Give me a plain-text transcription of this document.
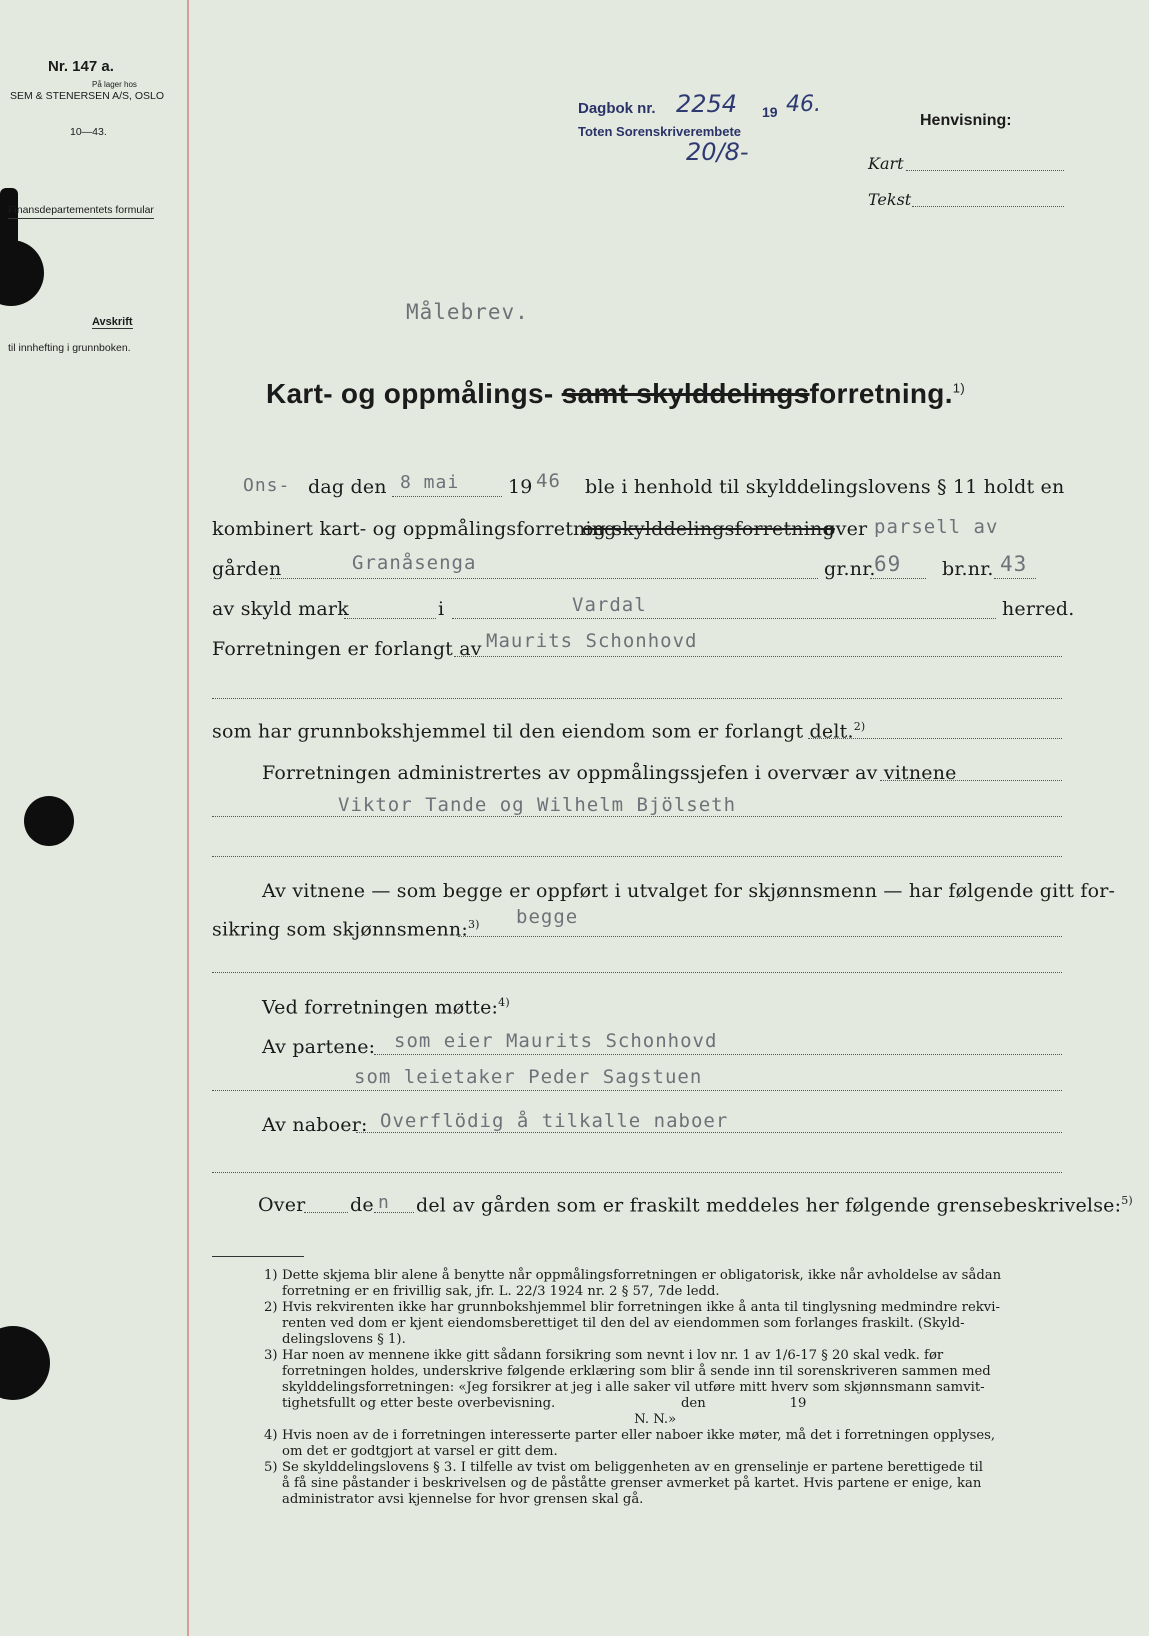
Nr. 147 a.
På lager hos
SEM & STENERSEN A/S, OSLO
10—43.
Finansdepartementets formular
Avskrift
til innhefting i grunnboken.
Dagbok nr. 2254 19 46.
Toten Sorenskriverembete
20/8-
Henvisning:
Kart
Tekst
Målebrev.
Kart- og oppmålings- samt skylddelingsforretning.$^{1)}$
Ons- dag den 8 mai	19 46 ble i henhold til skylddelingslovens § 11 holdt en
kombinert kart- og oppmålingsforretning
og skylddelingsforretning
over parsell av
gården	Granåsenga	gr.nr.
69 br.nr. 43
av skyld mark	i	Vardal	herred.
Forretningen er forlangt av Maurits Schonhovd
som har grunnbokshjemmel til den eiendom som er forlangt delt.$^{2)}$
Forretningen administrertes av oppmålingssjefen i overvær av vitnene
Viktor Tande og Wilhelm Bjölseth
Av vitnene — som begge er oppført i utvalget for skjønnsmenn — har følgende gitt for-
sikring som skjønnsmenn:$^{3)}$ begge
Ved forretningen møtte:$^{4)}$
Av partene: som eier Maurits Schonhovd
som leietaker Peder Sagstuen
Av naboer: Overflödig å tilkalle naboer
Over de n del av gården som er fraskilt meddeles her følgende grensebeskrivelse:$^{5)}$
1) Dette skjema blir alene å benytte når oppmålingsforretningen er obligatorisk, ikke når avholdelse av sådan
forretning er en frivillig sak, jfr. L. 22/3 1924 nr. 2 § 57, 7de ledd.
2) Hvis rekvirenten ikke har grunnbokshjemmel blir forretningen ikke å anta til tinglysning medmindre rekvi-
renten ved dom er kjent eiendomsberettiget til den del av eiendommen som forlanges fraskilt. (Skyld-
delingslovens § 1).
3) Har noen av mennene ikke gitt sådann forsikring som nevnt i lov nr. 1 av 1/6-17 § 20 skal vedk. før
forretningen holdes, underskrive følgende erklæring som blir å sende inn til sorenskriveren sammen med
skylddelingsforretningen: «Jeg forsikrer at jeg i alle saker vil utføre mitt hverv som skjønnsmann samvit-
tighetsfullt og etter beste overbevisning.                              den                    19
N. N.»
4) Hvis noen av de i forretningen interesserte parter eller naboer ikke møter, må det i forretningen opplyses,
om det er godtgjort at varsel er gitt dem.
5) Se skylddelingslovens § 3. I tilfelle av tvist om beliggenheten av en grenselinje er partene berettigede til
å få sine påstander i beskrivelsen og de påståtte grenser avmerket på kartet. Hvis partene er enige, kan
administrator avsi kjennelse for hvor grensen skal gå.
